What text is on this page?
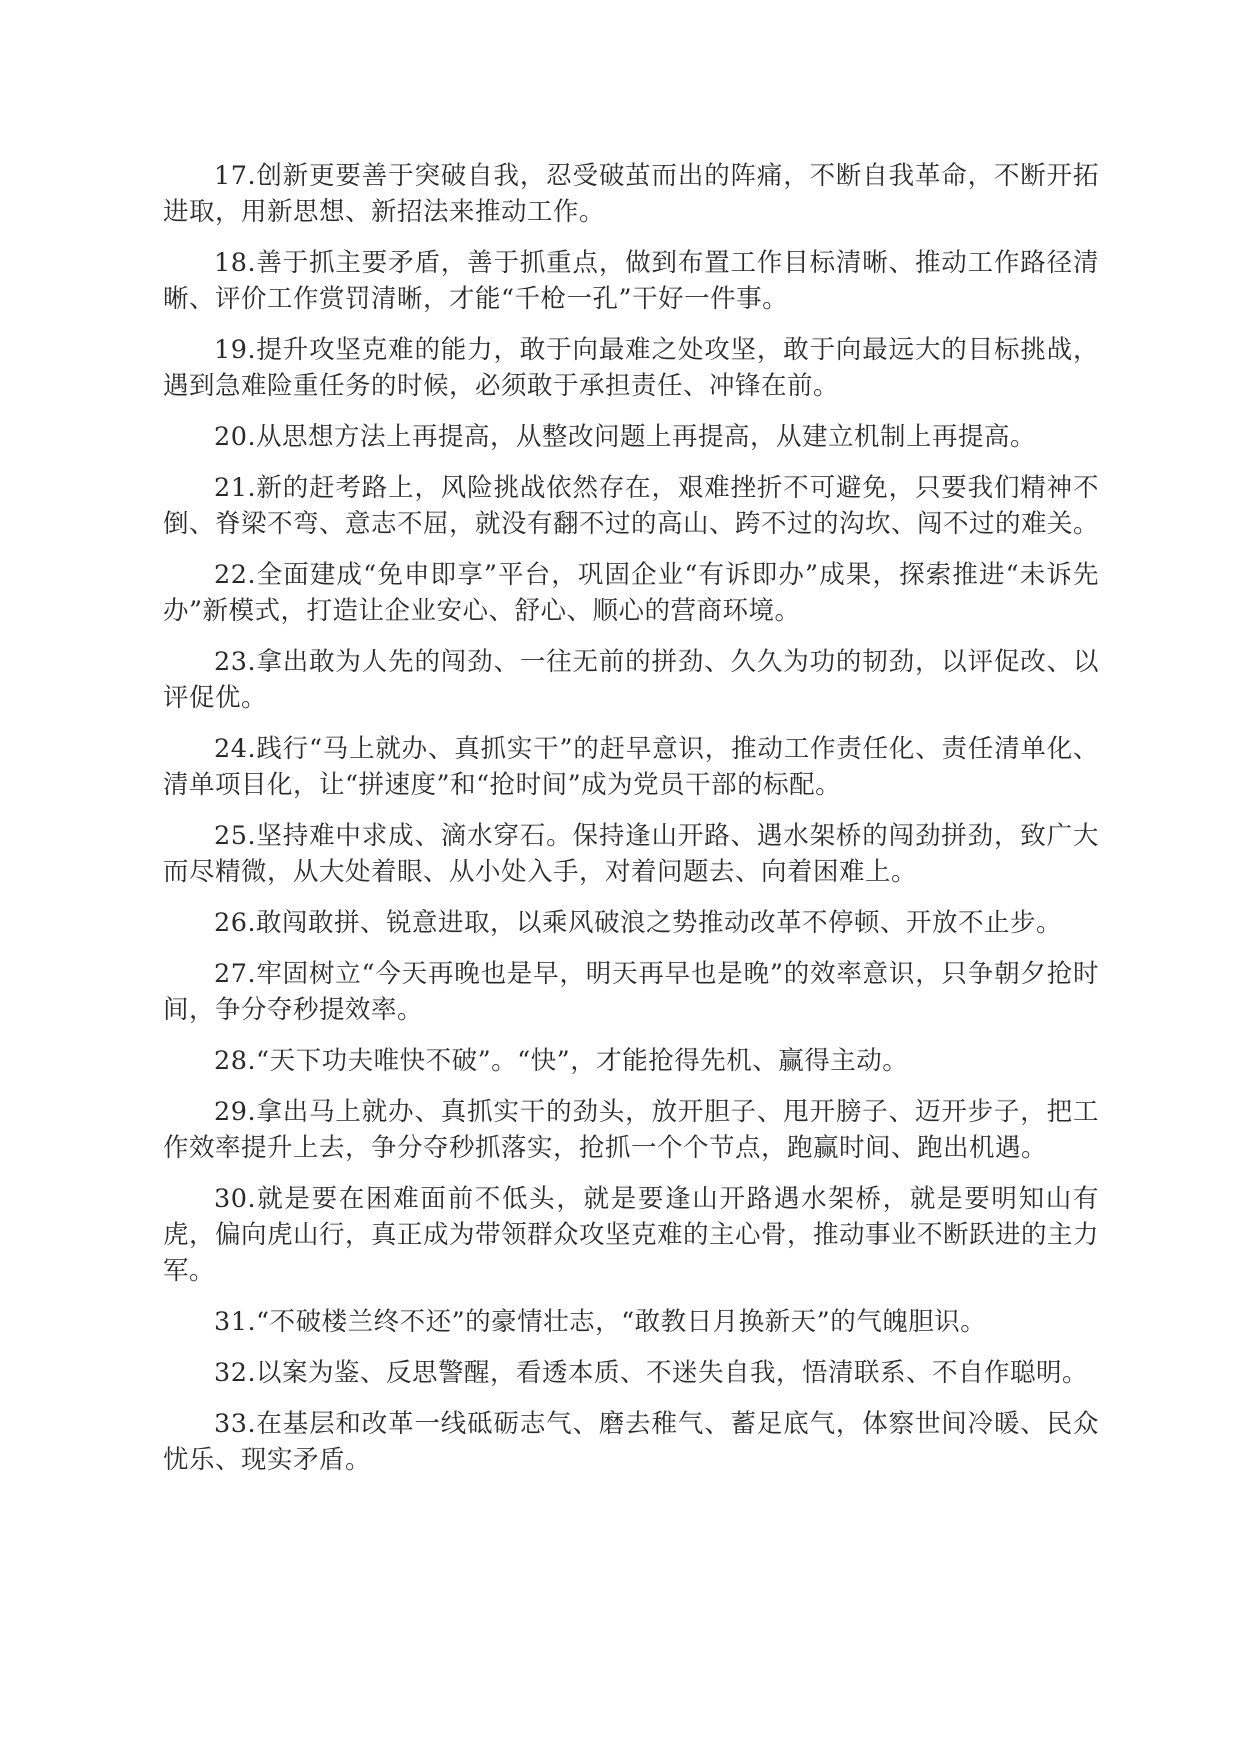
17.创新更要善于突破自我，忍受破茧而出的阵痛，不断自我革命，不断开拓进取，用新思想、新招法来推动工作。

18.善于抓主要矛盾，善于抓重点，做到布置工作目标清晰、推动工作路径清晰、评价工作赏罚清晰，才能“千枪一孔”干好一件事。

19.提升攻坚克难的能力，敢于向最难之处攻坚，敢于向最远大的目标挑战，遇到急难险重任务的时候，必须敢于承担责任、冲锋在前。

20.从思想方法上再提高，从整改问题上再提高，从建立机制上再提高。

21.新的赶考路上，风险挑战依然存在，艰难挫折不可避免，只要我们精神不倒、脊梁不弯、意志不屈，就没有翻不过的高山、跨不过的沟坎、闯不过的难关。

22.全面建成“免申即享”平台，巩固企业“有诉即办”成果，探索推进“未诉先办”新模式，打造让企业安心、舒心、顺心的营商环境。

23.拿出敢为人先的闯劲、一往无前的拼劲、久久为功的韧劲，以评促改、以评促优。

24.践行“马上就办、真抓实干”的赶早意识，推动工作责任化、责任清单化、清单项目化，让“拼速度”和“抢时间”成为党员干部的标配。

25.坚持难中求成、滴水穿石。保持逢山开路、遇水架桥的闯劲拼劲，致广大而尽精微，从大处着眼、从小处入手，对着问题去、向着困难上。

26.敢闯敢拼、锐意进取，以乘风破浪之势推动改革不停顿、开放不止步。

27.牢固树立“今天再晚也是早，明天再早也是晚”的效率意识，只争朝夕抢时间，争分夺秒提效率。

28.“天下功夫唯快不破”。“快”，才能抢得先机、赢得主动。

29.拿出马上就办、真抓实干的劲头，放开胆子、甩开膀子、迈开步子，把工作效率提升上去，争分夺秒抓落实，抢抓一个个节点，跑赢时间、跑出机遇。

30.就是要在困难面前不低头，就是要逢山开路遇水架桥，就是要明知山有虎，偏向虎山行，真正成为带领群众攻坚克难的主心骨，推动事业不断跃进的主力军。

31.“不破楼兰终不还”的豪情壮志，“敢教日月换新天”的气魄胆识。

32.以案为鉴、反思警醒，看透本质、不迷失自我，悟清联系、不自作聪明。

33.在基层和改革一线砥砺志气、磨去稚气、蓄足底气，体察世间冷暖、民众忧乐、现实矛盾。
